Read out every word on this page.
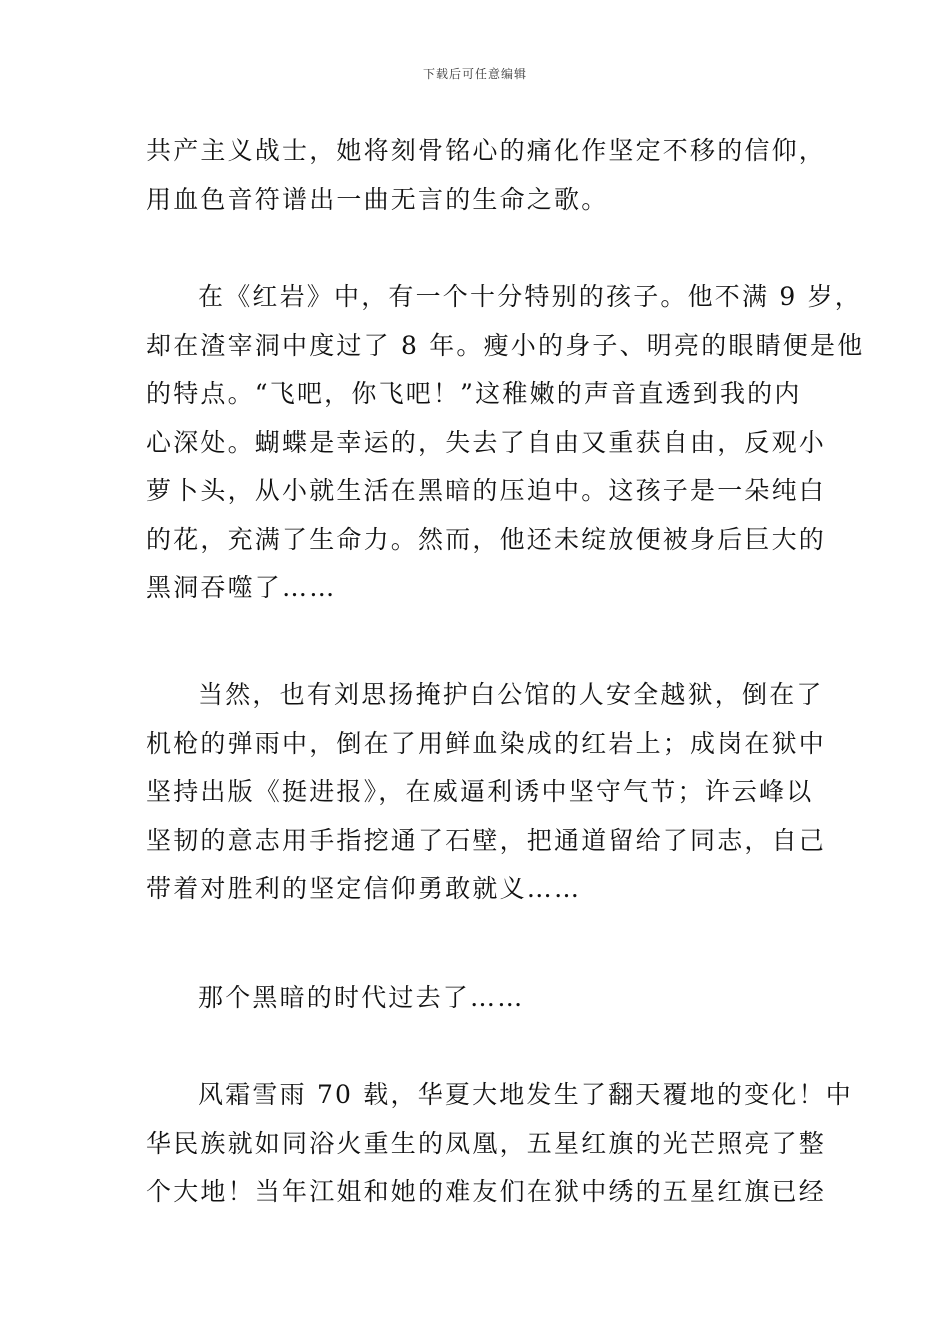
下载后可任意编辑
共产主义战士，她将刻骨铭心的痛化作坚定不移的信仰，
用血色音符谱出一曲无言的生命之歌。
在《红岩》中，有一个十分特别的孩子。他不满 9 岁，
却在渣宰洞中度过了 8 年。瘦小的身子、明亮的眼睛便是他
的特点。“飞吧，你飞吧！”这稚嫩的声音直透到我的内
心深处。蝴蝶是幸运的，失去了自由又重获自由，反观小
萝卜头，从小就生活在黑暗的压迫中。这孩子是一朵纯白
的花，充满了生命力。然而，他还未绽放便被身后巨大的
黑洞吞噬了……
当然，也有刘思扬掩护白公馆的人安全越狱，倒在了
机枪的弹雨中，倒在了用鲜血染成的红岩上；成岗在狱中
坚持出版《挺进报》，在威逼利诱中坚守气节；许云峰以
坚韧的意志用手指挖通了石壁，把通道留给了同志，自己
带着对胜利的坚定信仰勇敢就义……
那个黑暗的时代过去了……
风霜雪雨 70 载，华夏大地发生了翻天覆地的变化！中
华民族就如同浴火重生的凤凰，五星红旗的光芒照亮了整
个大地！当年江姐和她的难友们在狱中绣的五星红旗已经
